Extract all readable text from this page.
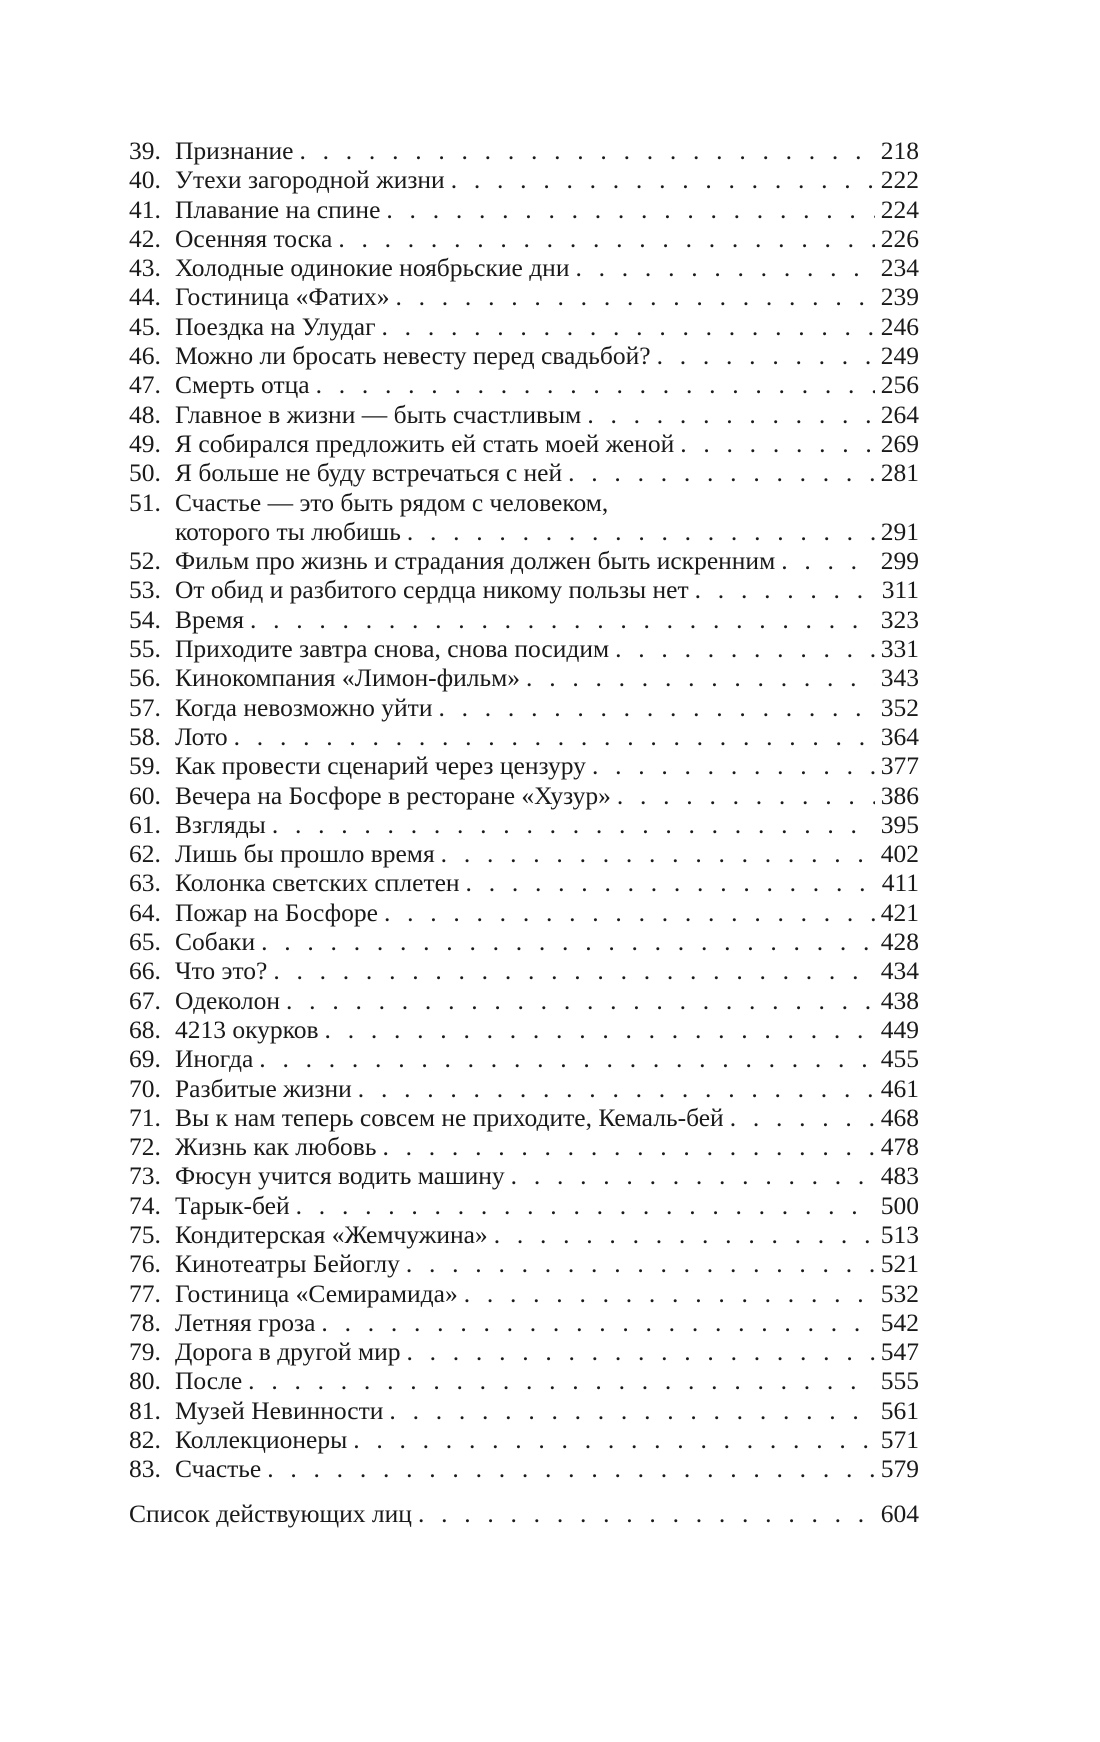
39. Признание . . .	218
40. Утехи загородной жизни . . .	222
41. Плавание на спине . . .	224
42. Осенняя тоска . . .	226
43. Холодные одинокие ноябрьские дни . . .	234
44. Гостиница «Фатих» . . .	239
45. Поездка на Улудаг . . .	246
46. Можно ли бросать невесту перед свадьбой? . . .	249
47. Смерть отца . . .	256
48. Главное в жизни — быть счастливым . . .	264
49. Я собирался предложить ей стать моей женой . . .	269
50. Я больше не буду встречаться с ней . . .	281
51. Счастье — это быть рядом с человеком,
которого ты любишь . . .	291
52. Фильм про жизнь и страдания должен быть искренним . . .	299
53. От обид и разбитого сердца никому пользы нет . . .	311
54. Время . . .	323
55. Приходите завтра снова, снова посидим . . .	331
56. Кинокомпания «Лимон-фильм» . . .	343
57. Когда невозможно уйти . . .	352
58. Лото . . .	364
59. Как провести сценарий через цензуру . . .	377
60. Вечера на Босфоре в ресторане «Хузур» . . .	386
61. Взгляды . . .	395
62. Лишь бы прошло время . . .	402
63. Колонка светских сплетен . . .	411
64. Пожар на Босфоре . . .	421
65. Собаки . . .	428
66. Что это? . . .	434
67. Одеколон . . .	438
68. 4213 окурков . . .	449
69. Иногда . . .	455
70. Разбитые жизни . . .	461
71. Вы к нам теперь совсем не приходите, Кемаль-бей . . .	468
72. Жизнь как любовь . . .	478
73. Фюсун учится водить машину . . .	483
74. Тарык-бей . . .	500
75. Кондитерская «Жемчужина» . . .	513
76. Кинотеатры Бейоглу . . .	521
77. Гостиница «Семирамида» . . .	532
78. Летняя гроза . . .	542
79. Дорога в другой мир . . .	547
80. После . . .	555
81. Музей Невинности . . .	561
82. Коллекционеры . . .	571
83. Счастье . . .	579
Список действующих лиц . . .	604
